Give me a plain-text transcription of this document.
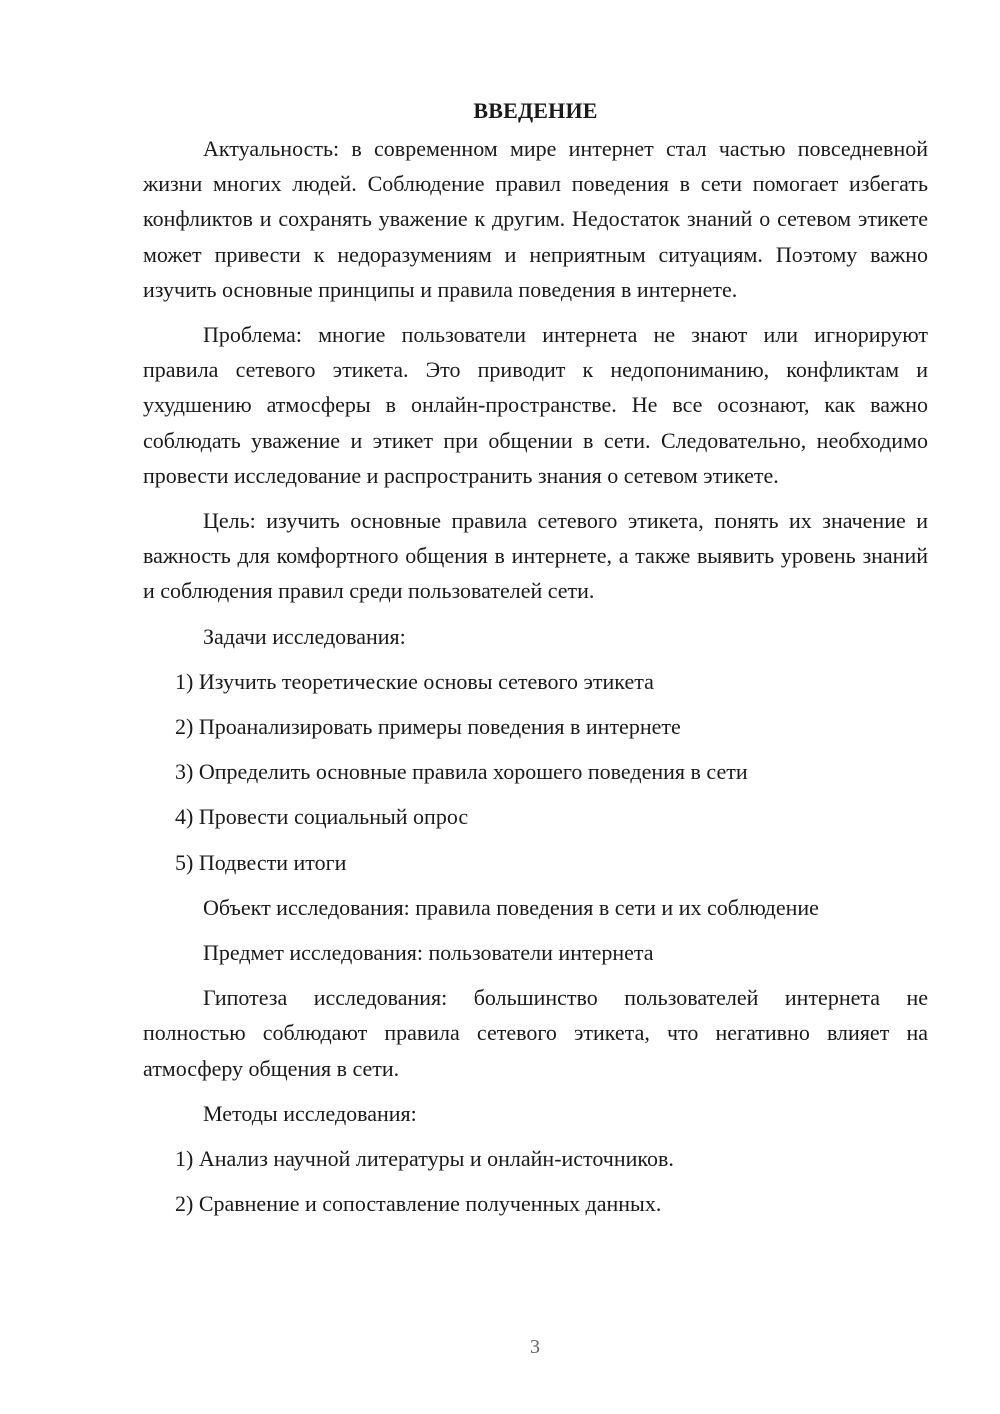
ВВЕДЕНИЕ

Актуальность: в современном мире интернет стал частью повседневной жизни многих людей. Соблюдение правил поведения в сети помогает избегать конфликтов и сохранять уважение к другим. Недостаток знаний о сетевом этикете может привести к недоразумениям и неприятным ситуациям. Поэтому важно изучить основные принципы и правила поведения в интернете.

Проблема: многие пользователи интернета не знают или игнорируют правила сетевого этикета. Это приводит к недопониманию, конфликтам и ухудшению атмосферы в онлайн-пространстве. Не все осознают, как важно соблюдать уважение и этикет при общении в сети. Следовательно, необходимо провести исследование и распространить знания о сетевом этикете.

Цель: изучить основные правила сетевого этикета, понять их значение и важность для комфортного общения в интернете, а также выявить уровень знаний и соблюдения правил среди пользователей сети.

Задачи исследования:
1) Изучить теоретические основы сетевого этикета
2) Проанализировать примеры поведения в интернете
3) Определить основные правила хорошего поведения в сети
4) Провести социальный опрос
5) Подвести итоги
Объект исследования: правила поведения в сети и их соблюдение
Предмет исследования: пользователи интернета

Гипотеза исследования: большинство пользователей интернета не полностью соблюдают правила сетевого этикета, что негативно влияет на атмосферу общения в сети.

Методы исследования:
1) Анализ научной литературы и онлайн-источников.
2) Сравнение и сопоставление полученных данных.
3
